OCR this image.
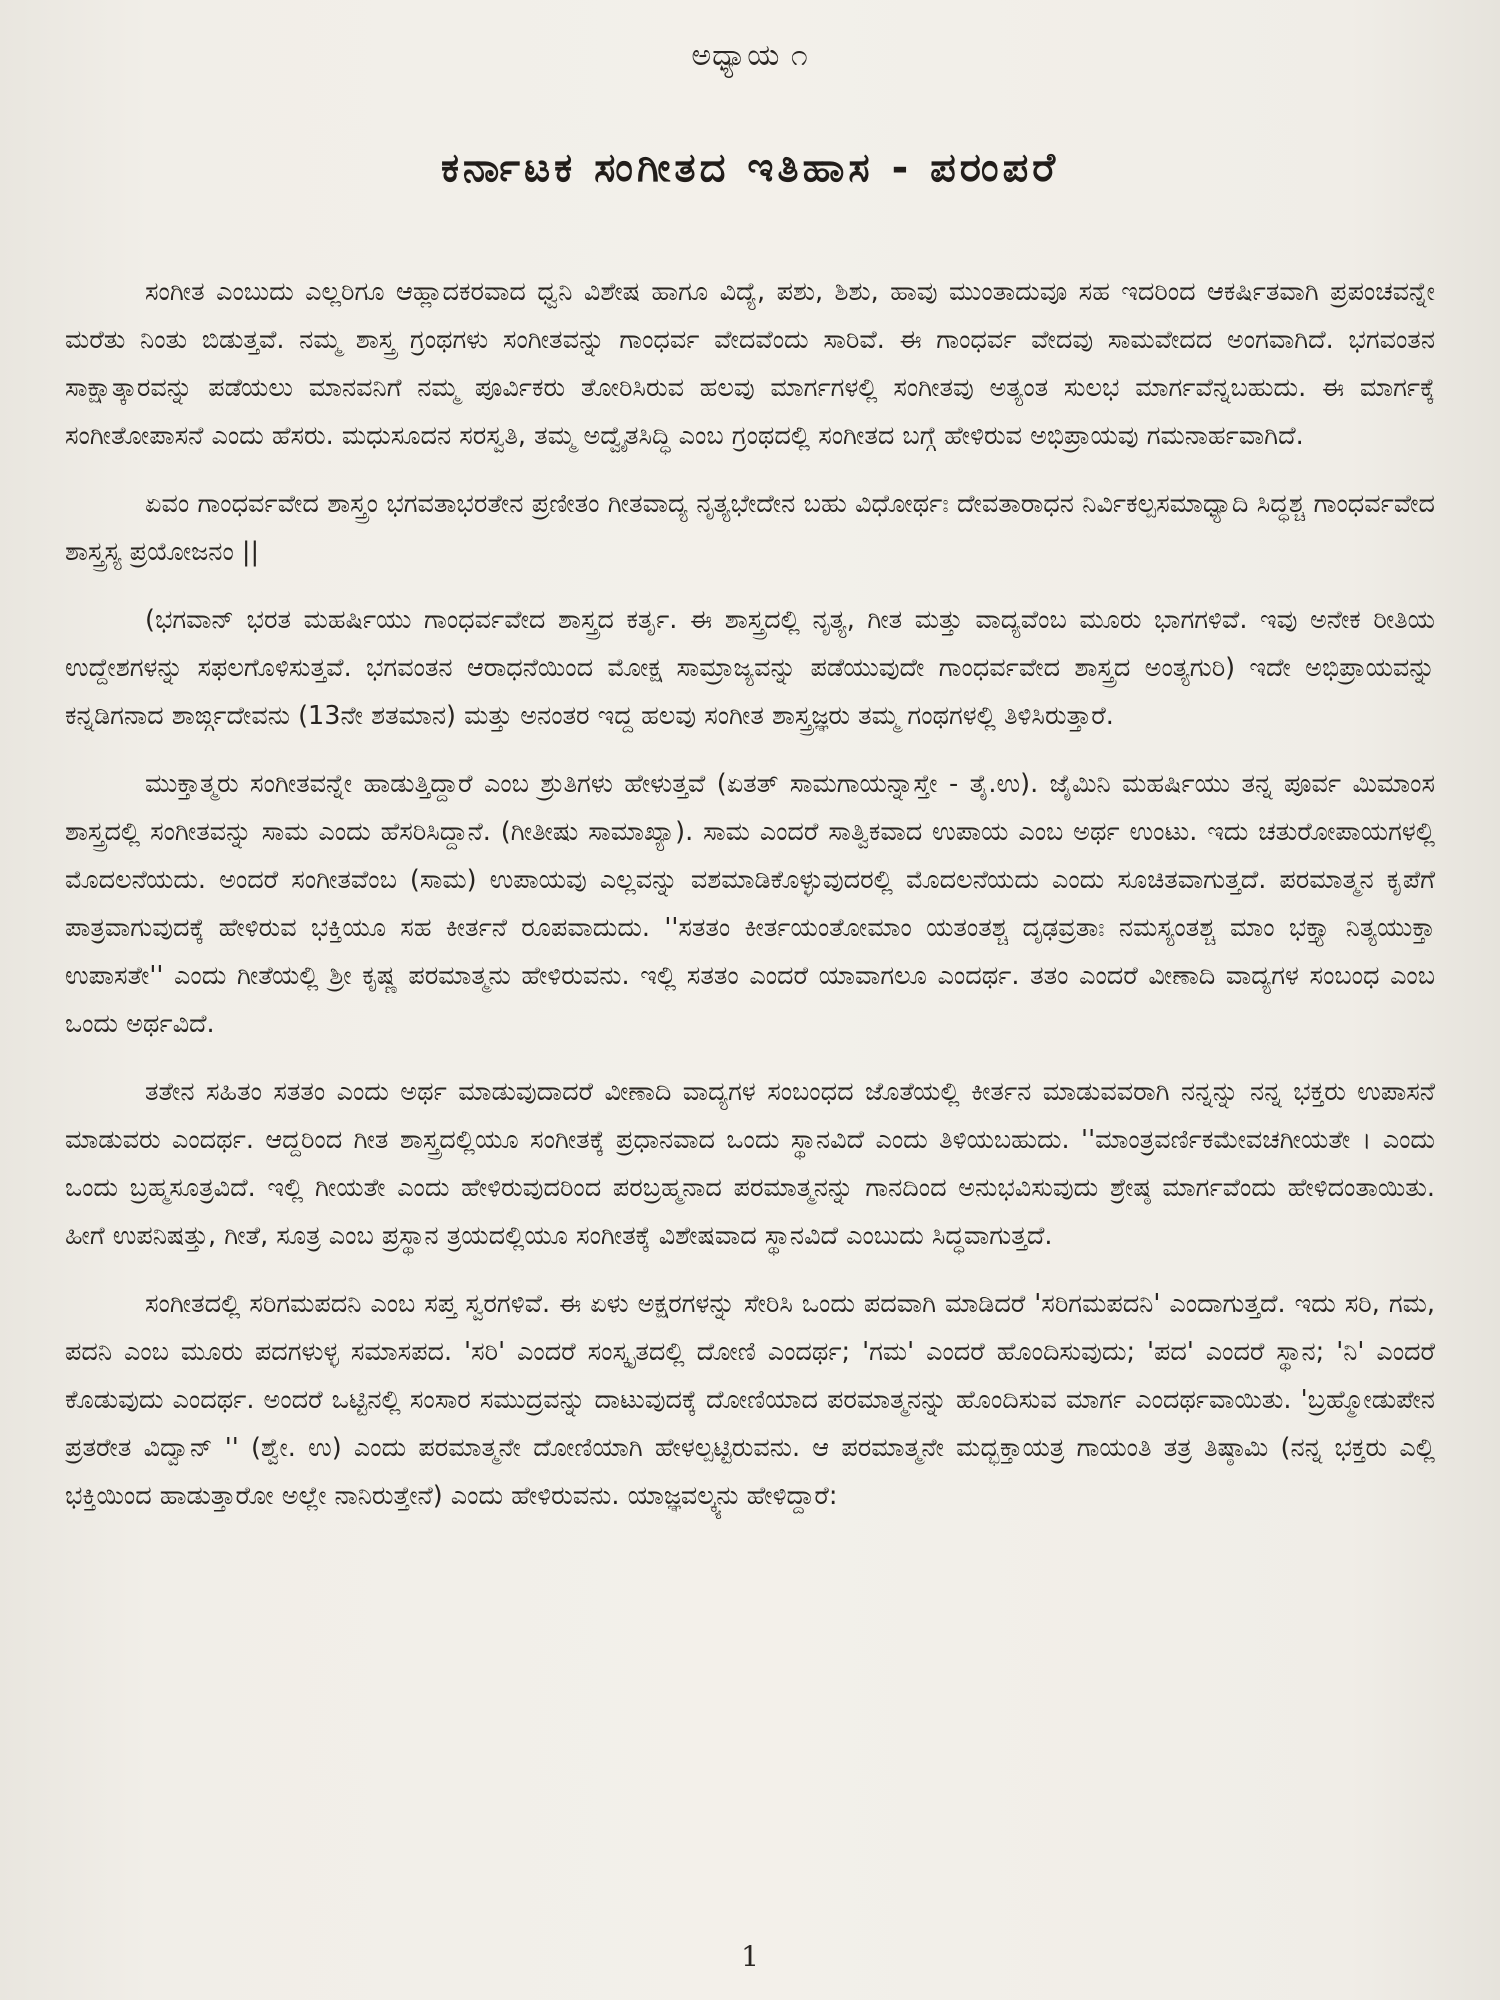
ಅಧ್ಯಾಯ ೧
ಕರ್ನಾಟಕ ಸಂಗೀತದ ಇತಿಹಾಸ - ಪರಂಪರೆ

ಸಂಗೀತ ಎಂಬುದು ಎಲ್ಲರಿಗೂ ಆಹ್ಲಾದಕರವಾದ ಧ್ವನಿ ವಿಶೇಷ ಹಾಗೂ ವಿದ್ಯೆ, ಪಶು, ಶಿಶು, ಹಾವು ಮುಂತಾದುವೂ ಸಹ ಇದರಿಂದ ಆಕರ್ಷಿತವಾಗಿ ಪ್ರಪಂಚವನ್ನೇ ಮರೆತು ನಿಂತು ಬಿಡುತ್ತವೆ. ನಮ್ಮ ಶಾಸ್ತ್ರ ಗ್ರಂಥಗಳು ಸಂಗೀತವನ್ನು ಗಾಂಧರ್ವ ವೇದವೆಂದು ಸಾರಿವೆ. ಈ ಗಾಂಧರ್ವ ವೇದವು ಸಾಮವೇದದ ಅಂಗವಾಗಿದೆ. ಭಗವಂತನ ಸಾಕ್ಷಾತ್ಕಾರವನ್ನು ಪಡೆಯಲು ಮಾನವನಿಗೆ ನಮ್ಮ ಪೂರ್ವಿಕರು ತೋರಿಸಿರುವ ಹಲವು ಮಾರ್ಗಗಳಲ್ಲಿ ಸಂಗೀತವು ಅತ್ಯಂತ ಸುಲಭ ಮಾರ್ಗವೆನ್ನಬಹುದು. ಈ ಮಾರ್ಗಕ್ಕೆ ಸಂಗೀತೋಪಾಸನೆ ಎಂದು ಹೆಸರು. ಮಧುಸೂದನ ಸರಸ್ವತಿ, ತಮ್ಮ ಅದ್ವೈತಸಿದ್ಧಿ ಎಂಬ ಗ್ರಂಥದಲ್ಲಿ ಸಂಗೀತದ ಬಗ್ಗೆ ಹೇಳಿರುವ ಅಭಿಪ್ರಾಯವು ಗಮನಾರ್ಹವಾಗಿದೆ.

ಏವಂ ಗಾಂಧರ್ವವೇದ ಶಾಸ್ತ್ರಂ ಭಗವತಾಭರತೇನ ಪ್ರಣೀತಂ ಗೀತವಾದ್ಯ ನೃತ್ಯಭೇದೇನ ಬಹು ವಿಧೋರ್ಥಃ ದೇವತಾರಾಧನ ನಿರ್ವಿಕಲ್ಪಸಮಾಧ್ಯಾದಿ ಸಿದ್ಧಶ್ಚ ಗಾಂಧರ್ವವೇದ ಶಾಸ್ತ್ರಸ್ಯ ಪ್ರಯೋಜನಂ ||

(ಭಗವಾನ್ ಭರತ ಮಹರ್ಷಿಯು ಗಾಂಧರ್ವವೇದ ಶಾಸ್ತ್ರದ ಕರ್ತೃ. ಈ ಶಾಸ್ತ್ರದಲ್ಲಿ ನೃತ್ಯ, ಗೀತ ಮತ್ತು ವಾದ್ಯವೆಂಬ ಮೂರು ಭಾಗಗಳಿವೆ. ಇವು ಅನೇಕ ರೀತಿಯ ಉದ್ದೇಶಗಳನ್ನು ಸಫಲಗೊಳಿಸುತ್ತವೆ. ಭಗವಂತನ ಆರಾಧನೆಯಿಂದ ಮೋಕ್ಷ ಸಾಮ್ರಾಜ್ಯವನ್ನು ಪಡೆಯುವುದೇ ಗಾಂಧರ್ವವೇದ ಶಾಸ್ತ್ರದ ಅಂತ್ಯಗುರಿ) ಇದೇ ಅಭಿಪ್ರಾಯವನ್ನು ಕನ್ನಡಿಗನಾದ ಶಾರ್ಙ್ಗದೇವನು (13ನೇ ಶತಮಾನ) ಮತ್ತು ಅನಂತರ ಇದ್ದ ಹಲವು ಸಂಗೀತ ಶಾಸ್ತ್ರಜ್ಞರು ತಮ್ಮ ಗಂಥಗಳಲ್ಲಿ ತಿಳಿಸಿರುತ್ತಾರೆ.

ಮುಕ್ತಾತ್ಮರು ಸಂಗೀತವನ್ನೇ ಹಾಡುತ್ತಿದ್ದಾರೆ ಎಂಬ ಶ್ರುತಿಗಳು ಹೇಳುತ್ತವೆ (ಏತತ್ ಸಾಮಗಾಯನ್ನಾಸ್ತೇ - ತೈ.ಉ). ಜೈಮಿನಿ ಮಹರ್ಷಿಯು ತನ್ನ ಪೂರ್ವ ಮಿಮಾಂಸ ಶಾಸ್ತ್ರದಲ್ಲಿ ಸಂಗೀತವನ್ನು ಸಾಮ ಎಂದು ಹೆಸರಿಸಿದ್ದಾನೆ. (ಗೀತೀಷು ಸಾಮಾಖ್ಯಾ). ಸಾಮ ಎಂದರೆ ಸಾತ್ವಿಕವಾದ ಉಪಾಯ ಎಂಬ ಅರ್ಥ ಉಂಟು. ಇದು ಚತುರೋಪಾಯಗಳಲ್ಲಿ ಮೊದಲನೆಯದು. ಅಂದರೆ ಸಂಗೀತವೆಂಬ (ಸಾಮ) ಉಪಾಯವು ಎಲ್ಲವನ್ನು ವಶಮಾಡಿಕೊಳ್ಳುವುದರಲ್ಲಿ ಮೊದಲನೆಯದು ಎಂದು ಸೂಚಿತವಾಗುತ್ತದೆ. ಪರಮಾತ್ಮನ ಕೃಪೆಗೆ ಪಾತ್ರವಾಗುವುದಕ್ಕೆ ಹೇಳಿರುವ ಭಕ್ತಿಯೂ ಸಹ ಕೀರ್ತನೆ ರೂಪವಾದುದು. ''ಸತತಂ ಕೀರ್ತಯಂತೋಮಾಂ ಯತಂತಶ್ಚ ದೃಢವ್ರತಾಃ ನಮಸ್ಯಂತಶ್ಚ ಮಾಂ ಭಕ್ತ್ಯಾ ನಿತ್ಯಯುಕ್ತಾ ಉಪಾಸತೇ'' ಎಂದು ಗೀತೆಯಲ್ಲಿ ಶ್ರೀ ಕೃಷ್ಣ ಪರಮಾತ್ಮನು ಹೇಳಿರುವನು. ಇಲ್ಲಿ ಸತತಂ ಎಂದರೆ ಯಾವಾಗಲೂ ಎಂದರ್ಥ. ತತಂ ಎಂದರೆ ವೀಣಾದಿ ವಾದ್ಯಗಳ ಸಂಬಂಧ ಎಂಬ ಒಂದು ಅರ್ಥವಿದೆ.

ತತೇನ ಸಹಿತಂ ಸತತಂ ಎಂದು ಅರ್ಥ ಮಾಡುವುದಾದರೆ ವೀಣಾದಿ ವಾದ್ಯಗಳ ಸಂಬಂಧದ ಜೊತೆಯಲ್ಲಿ ಕೀರ್ತನ ಮಾಡುವವರಾಗಿ ನನ್ನನ್ನು ನನ್ನ ಭಕ್ತರು ಉಪಾಸನೆ ಮಾಡುವರು ಎಂದರ್ಥ. ಆದ್ದರಿಂದ ಗೀತ ಶಾಸ್ತ್ರದಲ್ಲಿಯೂ ಸಂಗೀತಕ್ಕೆ ಪ್ರಧಾನವಾದ ಒಂದು ಸ್ಥಾನವಿದೆ ಎಂದು ತಿಳಿಯಬಹುದು. ''ಮಾಂತ್ರವರ್ಣಿಕಮೇವಚಗೀಯತೇ । ಎಂದು ಒಂದು ಬ್ರಹ್ಮಸೂತ್ರವಿದೆ. ಇಲ್ಲಿ ಗೀಯತೇ ಎಂದು ಹೇಳಿರುವುದರಿಂದ ಪರಬ್ರಹ್ಮನಾದ ಪರಮಾತ್ಮನನ್ನು ಗಾನದಿಂದ ಅನುಭವಿಸುವುದು ಶ್ರೇಷ್ಠ ಮಾರ್ಗವೆಂದು ಹೇಳಿದಂತಾಯಿತು. ಹೀಗೆ ಉಪನಿಷತ್ತು, ಗೀತೆ, ಸೂತ್ರ ಎಂಬ ಪ್ರಸ್ಥಾನ ತ್ರಯದಲ್ಲಿಯೂ ಸಂಗೀತಕ್ಕೆ ವಿಶೇಷವಾದ ಸ್ಥಾನವಿದೆ ಎಂಬುದು ಸಿದ್ಧವಾಗುತ್ತದೆ.

ಸಂಗೀತದಲ್ಲಿ ಸರಿಗಮಪದನಿ ಎಂಬ ಸಪ್ತ ಸ್ವರಗಳಿವೆ. ಈ ಏಳು ಅಕ್ಷರಗಳನ್ನು ಸೇರಿಸಿ ಒಂದು ಪದವಾಗಿ ಮಾಡಿದರೆ 'ಸರಿಗಮಪದನಿ' ಎಂದಾಗುತ್ತದೆ. ಇದು ಸರಿ, ಗಮ, ಪದನಿ ಎಂಬ ಮೂರು ಪದಗಳುಳ್ಳ ಸಮಾಸಪದ. 'ಸರಿ' ಎಂದರೆ ಸಂಸ್ಕೃತದಲ್ಲಿ ದೋಣಿ ಎಂದರ್ಥ; 'ಗಮ' ಎಂದರೆ ಹೊಂದಿಸುವುದು; 'ಪದ' ಎಂದರೆ ಸ್ಥಾನ; 'ನಿ' ಎಂದರೆ ಕೊಡುವುದು ಎಂದರ್ಥ. ಅಂದರೆ ಒಟ್ಟಿನಲ್ಲಿ ಸಂಸಾರ ಸಮುದ್ರವನ್ನು ದಾಟುವುದಕ್ಕೆ ದೋಣಿಯಾದ ಪರಮಾತ್ಮನನ್ನು ಹೊಂದಿಸುವ ಮಾರ್ಗ ಎಂದರ್ಥವಾಯಿತು. 'ಬ್ರಹ್ಮೋಡುಪೇನ ಪ್ರತರೇತ ವಿದ್ವಾನ್ '' (ಶ್ವೇ. ಉ) ಎಂದು ಪರಮಾತ್ಮನೇ ದೋಣಿಯಾಗಿ ಹೇಳಲ್ಪಟ್ಟಿರುವನು. ಆ ಪರಮಾತ್ಮನೇ ಮದ್ಭಕ್ತಾಯತ್ರ ಗಾಯಂತಿ ತತ್ರ ತಿಷ್ಠಾಮಿ (ನನ್ನ ಭಕ್ತರು ಎಲ್ಲಿ ಭಕ್ತಿಯಿಂದ ಹಾಡುತ್ತಾರೋ ಅಲ್ಲೇ ನಾನಿರುತ್ತೇನೆ) ಎಂದು ಹೇಳಿರುವನು. ಯಾಜ್ಞವಲ್ಕ್ಯನು ಹೇಳಿದ್ದಾರೆ:

1
